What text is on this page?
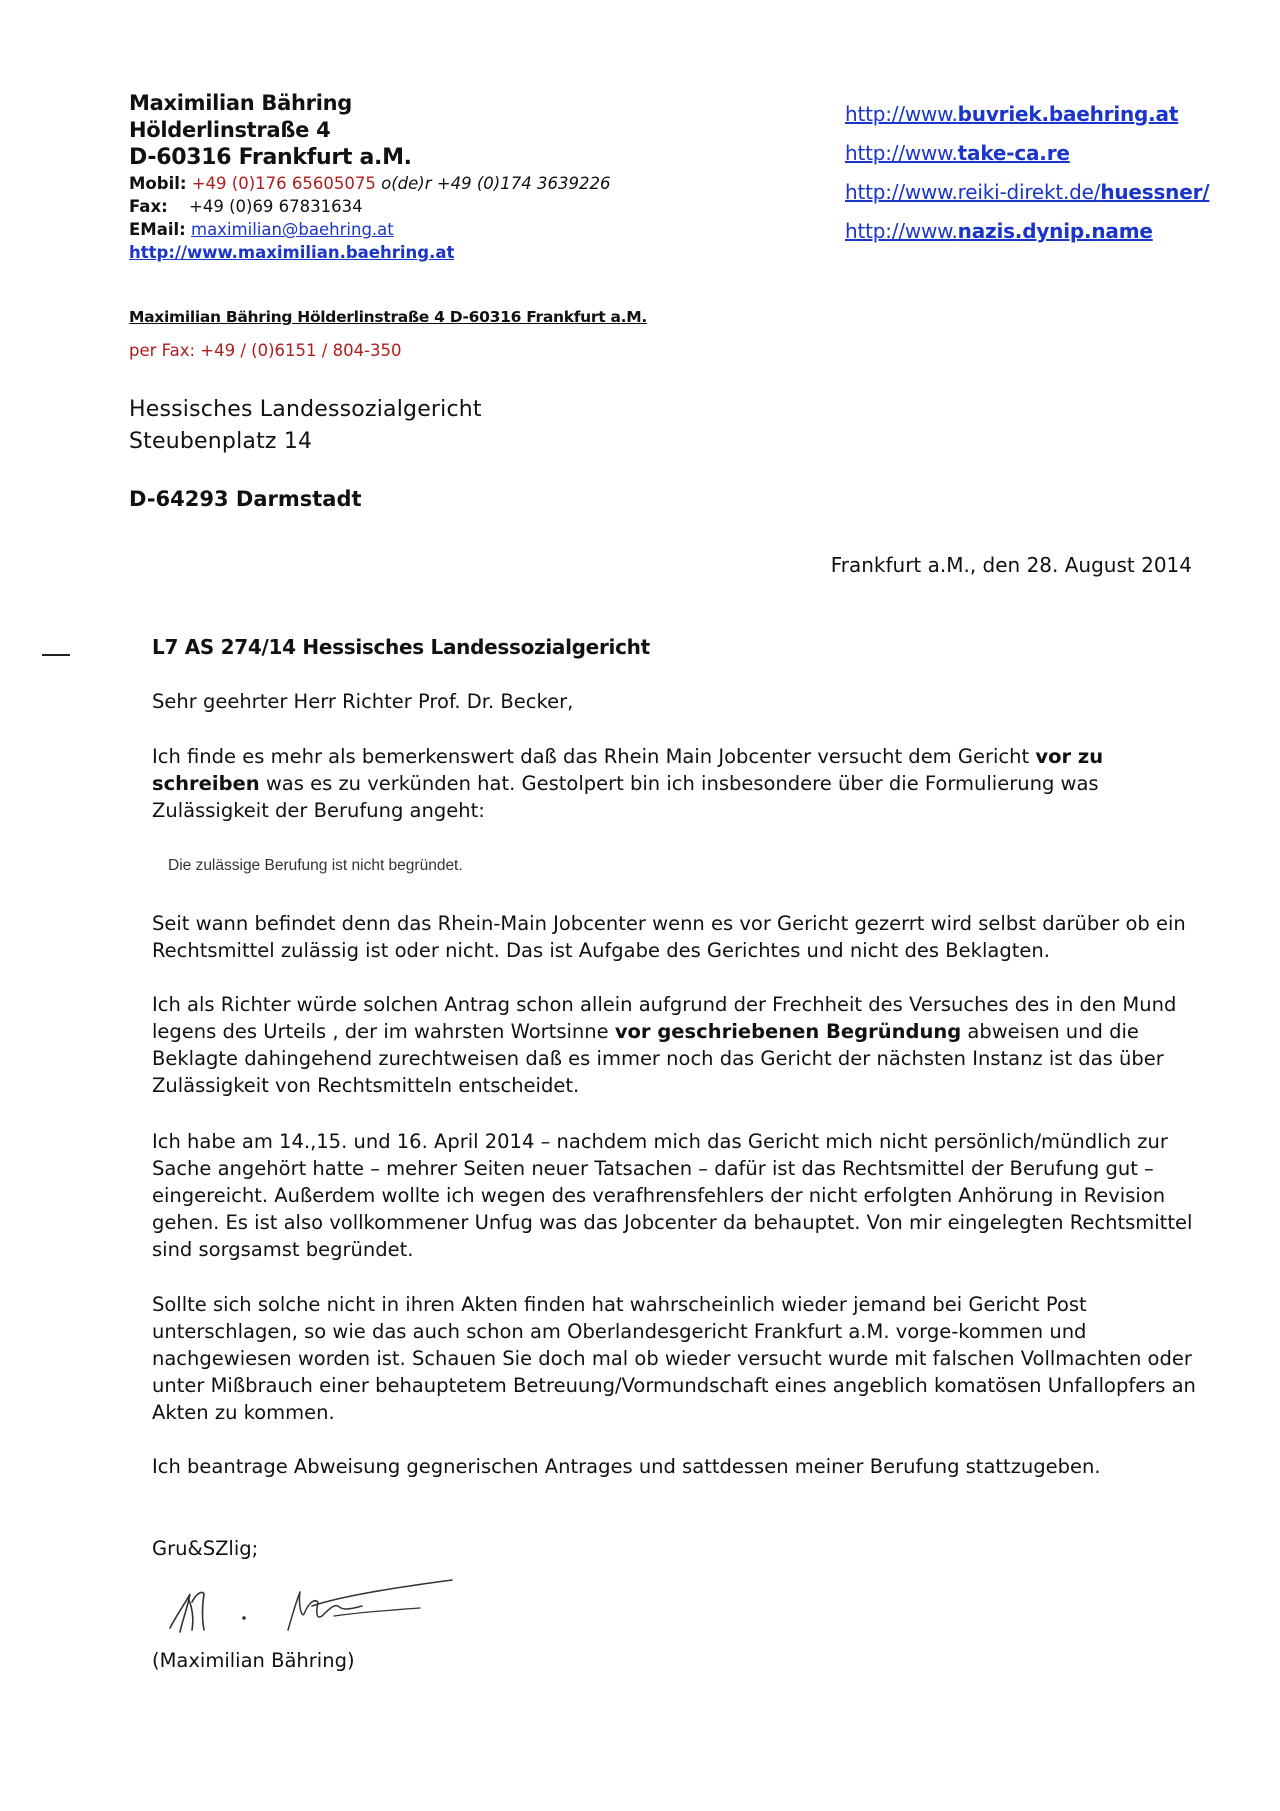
Maximilian Bähring
Hölderlinstraße 4
D-60316 Frankfurt a.M.
Mobil: +49 (0)176 65605075 o(de)r +49 (0)174 3639226
Fax: +49 (0)69 67831634
EMail: maximilian@baehring.at
http://www.maximilian.baehring.at
http://www.buvriek.baehring.at
http://www.take-ca.re
http://www.reiki-direkt.de/huessner/
http://www.nazis.dynip.name
Maximilian Bähring Hölderlinstraße 4 D-60316 Frankfurt a.M.
per Fax: +49 / (0)6151 / 804-350
Hessisches Landessozialgericht
Steubenplatz 14
D-64293 Darmstadt
Frankfurt a.M., den 28. August 2014
L7 AS 274/14 Hessisches Landessozialgericht
Sehr geehrter Herr Richter Prof. Dr. Becker,
Ich finde es mehr als bemerkenswert daß das Rhein Main Jobcenter versucht dem Gericht vor zu schreiben was es zu verkünden hat. Gestolpert bin ich insbesondere über die Formulierung was Zulässigkeit der Berufung angeht:
Die zulässige Berufung ist nicht begründet.
Seit wann befindet denn das Rhein-Main Jobcenter wenn es vor Gericht gezerrt wird selbst darüber ob ein Rechtsmittel zulässig ist oder nicht. Das ist Aufgabe des Gerichtes und nicht des Beklagten.
Ich als Richter würde solchen Antrag schon allein aufgrund der Frechheit des Versuches des in den Mund legens des Urteils , der im wahrsten Wortsinne vor geschriebenen Begründung abweisen und die Beklagte dahingehend zurechtweisen daß es immer noch das Gericht der nächsten Instanz ist das über Zulässigkeit von Rechtsmitteln entscheidet.
Ich habe am 14.,15. und 16. April 2014 – nachdem mich das Gericht mich nicht persönlich/mündlich zur Sache angehört hatte – mehrer Seiten neuer Tatsachen – dafür ist das Rechtsmittel der Berufung gut – eingereicht. Außerdem wollte ich wegen des verafhrensfehlers der nicht erfolgten Anhörung in Revision gehen. Es ist also vollkommener Unfug was das Jobcenter da behauptet. Von mir eingelegten Rechtsmittel sind sorgsamst begründet.
Sollte sich solche nicht in ihren Akten finden hat wahrscheinlich wieder jemand bei Gericht Post unterschlagen, so wie das auch schon am Oberlandesgericht Frankfurt a.M. vorge-kommen und nachgewiesen worden ist. Schauen Sie doch mal ob wieder versucht wurde mit falschen Vollmachten oder unter Mißbrauch einer behauptetem Betreuung/Vormundschaft eines angeblich komatösen Unfallopfers an Akten zu kommen.
Ich beantrage Abweisung gegnerischen Antrages und sattdessen meiner Berufung stattzugeben.
Gru&SZlig;
(Maximilian Bähring)
